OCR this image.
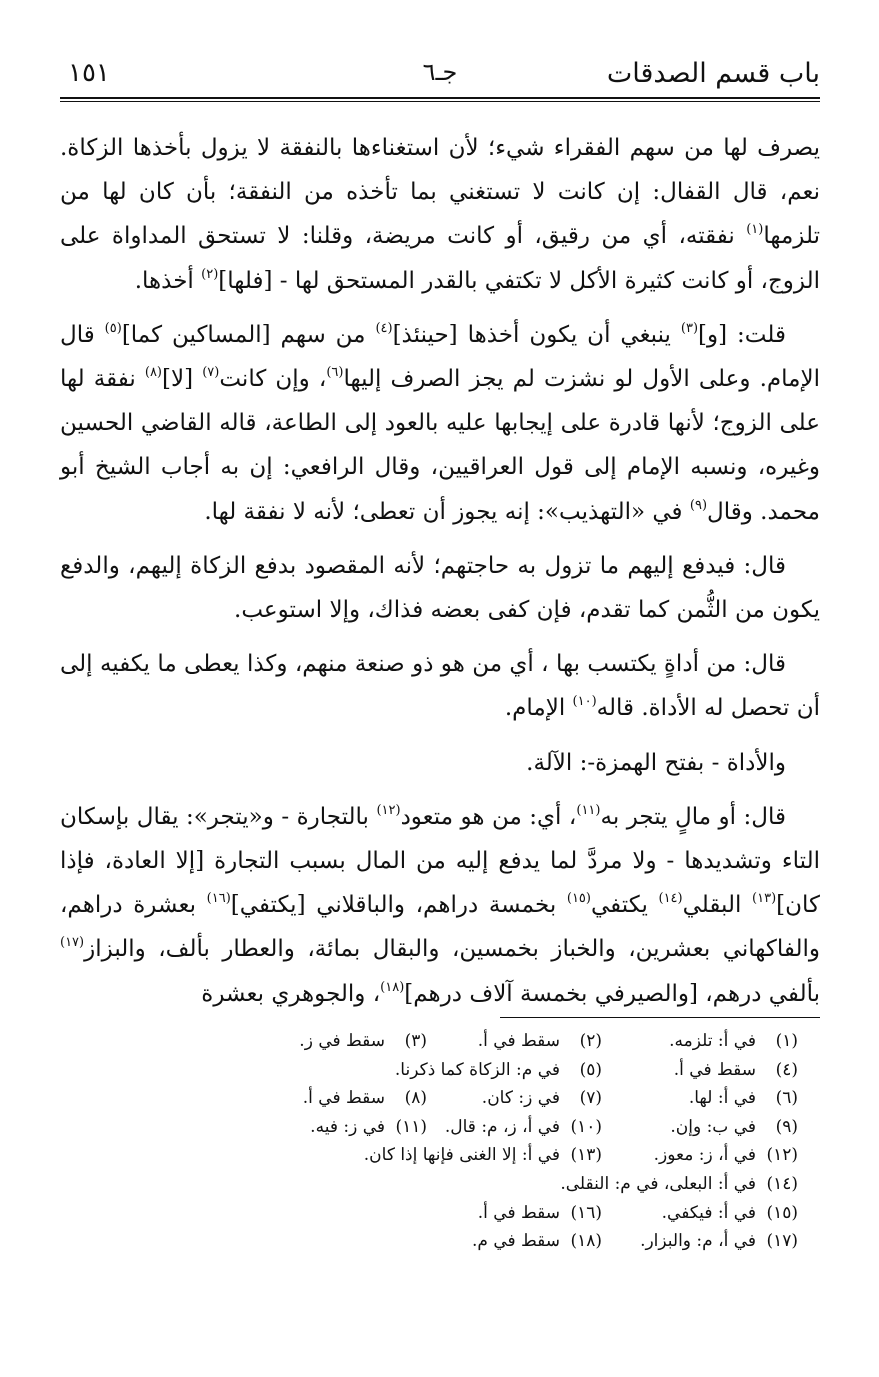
باب قسم الصدقات
جـ٦
١٥١

يصرف لها من سهم الفقراء شيء؛ لأن استغناءها بالنفقة لا يزول بأخذها الزكاة. نعم، قال القفال: إن كانت لا تستغني بما تأخذه من النفقة؛ بأن كان لها من تلزمها$^{(١)}$ نفقته، أي من رقيق، أو كانت مريضة، وقلنا: لا تستحق المداواة على الزوج، أو كانت كثيرة الأكل لا تكتفي بالقدر المستحق لها - [فلها]$^{(٢)}$ أخذها.

قلت: [و]$^{(٣)}$ ينبغي أن يكون أخذها [حينئذ]$^{(٤)}$ من سهم [المساكين كما]$^{(٥)}$ قال الإمام. وعلى الأول لو نشزت لم يجز الصرف إليها$^{(٦)}$، وإن كانت$^{(٧)}$ [لا]$^{(٨)}$ نفقة لها على الزوج؛ لأنها قادرة على إيجابها عليه بالعود إلى الطاعة، قاله القاضي الحسين وغيره، ونسبه الإمام إلى قول العراقيين، وقال الرافعي: إن به أجاب الشيخ أبو محمد. وقال$^{(٩)}$ في «التهذيب»: إنه يجوز أن تعطى؛ لأنه لا نفقة لها.

قال: فيدفع إليهم ما تزول به حاجتهم؛ لأنه المقصود بدفع الزكاة إليهم، والدفع يكون من الثُّمن كما تقدم، فإن كفى بعضه فذاك، وإلا استوعب.

قال: من أداةٍ يكتسب بها ، أي من هو ذو صنعة منهم، وكذا يعطى ما يكفيه إلى أن تحصل له الأداة. قاله$^{(١٠)}$ الإمام.

والأداة - بفتح الهمزة-: الآلة.

قال: أو مالٍ يتجر به$^{(١١)}$، أي: من هو متعود$^{(١٢)}$ بالتجارة - و«يتجر»: يقال بإسكان التاء وتشديدها - ولا مردَّ لما يدفع إليه من المال بسبب التجارة [إلا العادة، فإذا كان]$^{(١٣)}$ البقلي$^{(١٤)}$ يكتفي$^{(١٥)}$ بخمسة دراهم، والباقلاني [يكتفي]$^{(١٦)}$ بعشرة دراهم، والفاكهاني بعشرين، والخباز بخمسين، والبقال بمائة، والعطار بألف، والبزاز$^{(١٧)}$ بألفي درهم، [والصيرفي بخمسة آلاف درهم]$^{(١٨)}$، والجوهري بعشرة

(١)في أ: تلزمه.(٢)سقط في أ.(٣)سقط في ز.
(٤)سقط في أ.(٥)في م: الزكاة كما ذكرنا.
(٦)في أ: لها.(٧)في ز: كان.(٨)سقط في أ.
(٩)في ب: وإن.(١٠)في أ، ز، م: قال.(١١)في ز: فيه.
(١٢)في أ، ز: معوز.(١٣)في أ: إلا الغنى فإنها إذا كان.
(١٤)في أ: البعلى، في م: النقلى.
(١٥)في أ: فيكفي.(١٦)سقط في أ.
(١٧)في أ، م: والبزار.(١٨)سقط في م.
